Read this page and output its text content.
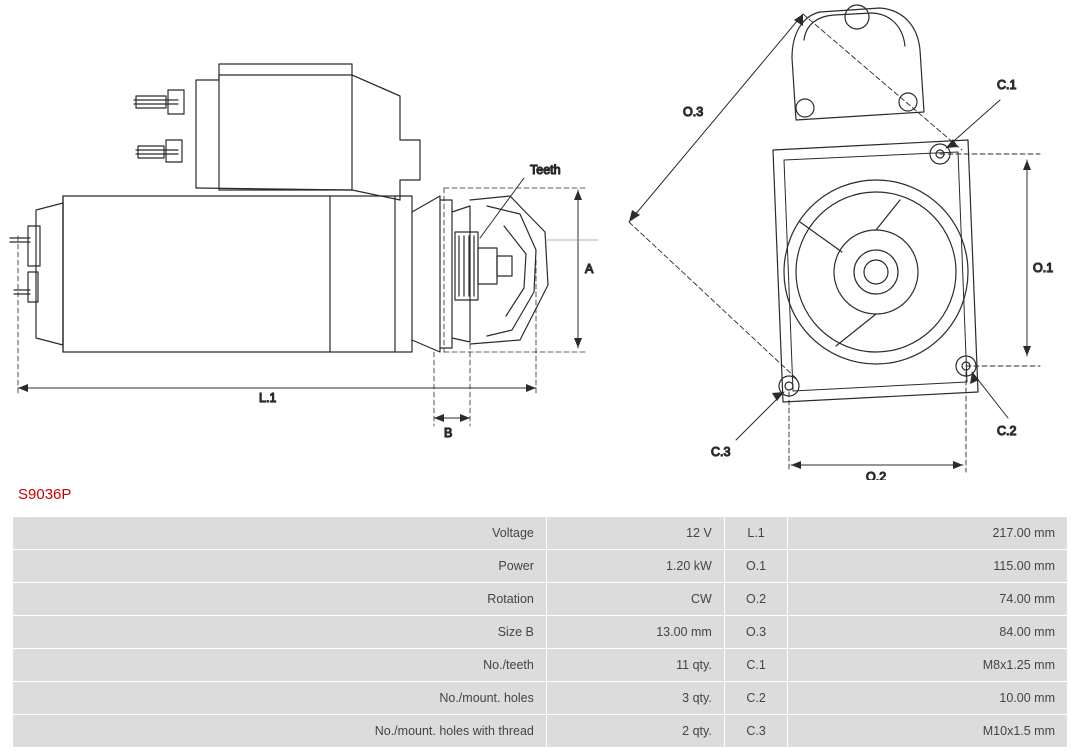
Teeth
A
L.1
B
O.3
O.1
O.2
C.1
C.2
C.3
S9036P
Voltage	12 V	L.1	217.00 mm
Power	1.20 kW	O.1	115.00 mm
Rotation	CW	O.2	74.00 mm
Size B	13.00 mm	O.3	84.00 mm
No./teeth	11 qty.	C.1	M8x1.25 mm
No./mount. holes	3 qty.	C.2	10.00 mm
No./mount. holes with thread	2 qty.	C.3	M10x1.5 mm
